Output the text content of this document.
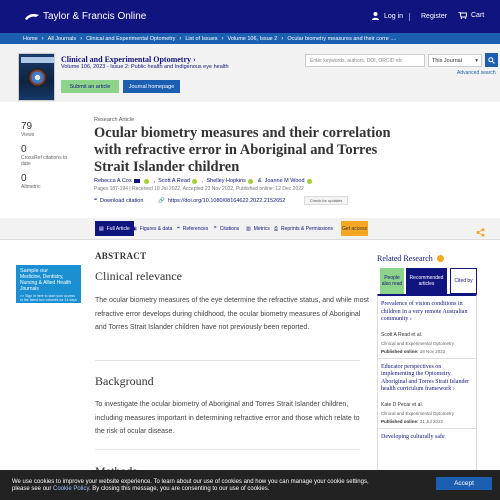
Taylor & Francis Online	Log in	Register	Cart
Home › All Journals › Clinical and Experimental Optometry › List of Issues › Volume 106, Issue 2 › Ocular biometry measures and their corre ....
Clinical and Experimental Optometry ›
Volume 106, 2023 - Issue 2: Public health and Indigenous eye health
Submit an article	Journal homepage
Enter keywords, authors, DOI, ORCID etc	This Journal ▾
Advanced search
79
Views
0
CrossRef citations to date
0
Altmetric
Research Article
Ocular biometry measures and their correlation with refractive error in Aboriginal and Torres Strait Islander children
Rebecca A Cox	, Scott A Read , Shelley Hopkins & Joanne M Wood
Pages 187-194 | Received 18 Jul 2022, Accepted 23 Nov 2022, Published online: 12 Dec 2022
❝ Download citation	🔗 https://doi.org/10.1080/08164622.2022.2152652	Check for updates
▤ Full Article ▣ Figures & data ❝ References ❞ Citations ▥ Metrics ⎙ Reprints & Permissions Get access
Sample our
Medicine, Dentistry, Nursing & Allied Health Journals
>> Sign in here to start your access to the latest two volumes for 14 days
ABSTRACT
Clinical relevance
The ocular biometry measures of the eye determine the refractive status, and while most refractive error develops during childhood, the ocular biometry measures of Aboriginal and Torres Strait Islander children have not previously been reported.
Background
To investigate the ocular biometry of Aboriginal and Torres Strait Islander children, including measures important in determining refractive error and those which relate to the risk of ocular disease.
Related Research
People also read
Recommended articles	Cited by
Prevalence of vision conditions in children in a very remote Australian community ›
Scott A Read et al.
Clinical and Experimental Optometry
Published online: 28 Nov 2022
Educator perspectives on implementing the Optometry Aboriginal and Torres Strait Islander health curriculum framework ›
Kate D Pecar et al.
Clinical and Experimental Optometry
Published online: 31 Jul 2022
Developing culturally safe
We use cookies to improve your website experience. To learn about our use of cookies and how you can manage your cookie settings,
please see our Cookie Policy. By closing this message, you are consenting to our use of cookies.
Accept
